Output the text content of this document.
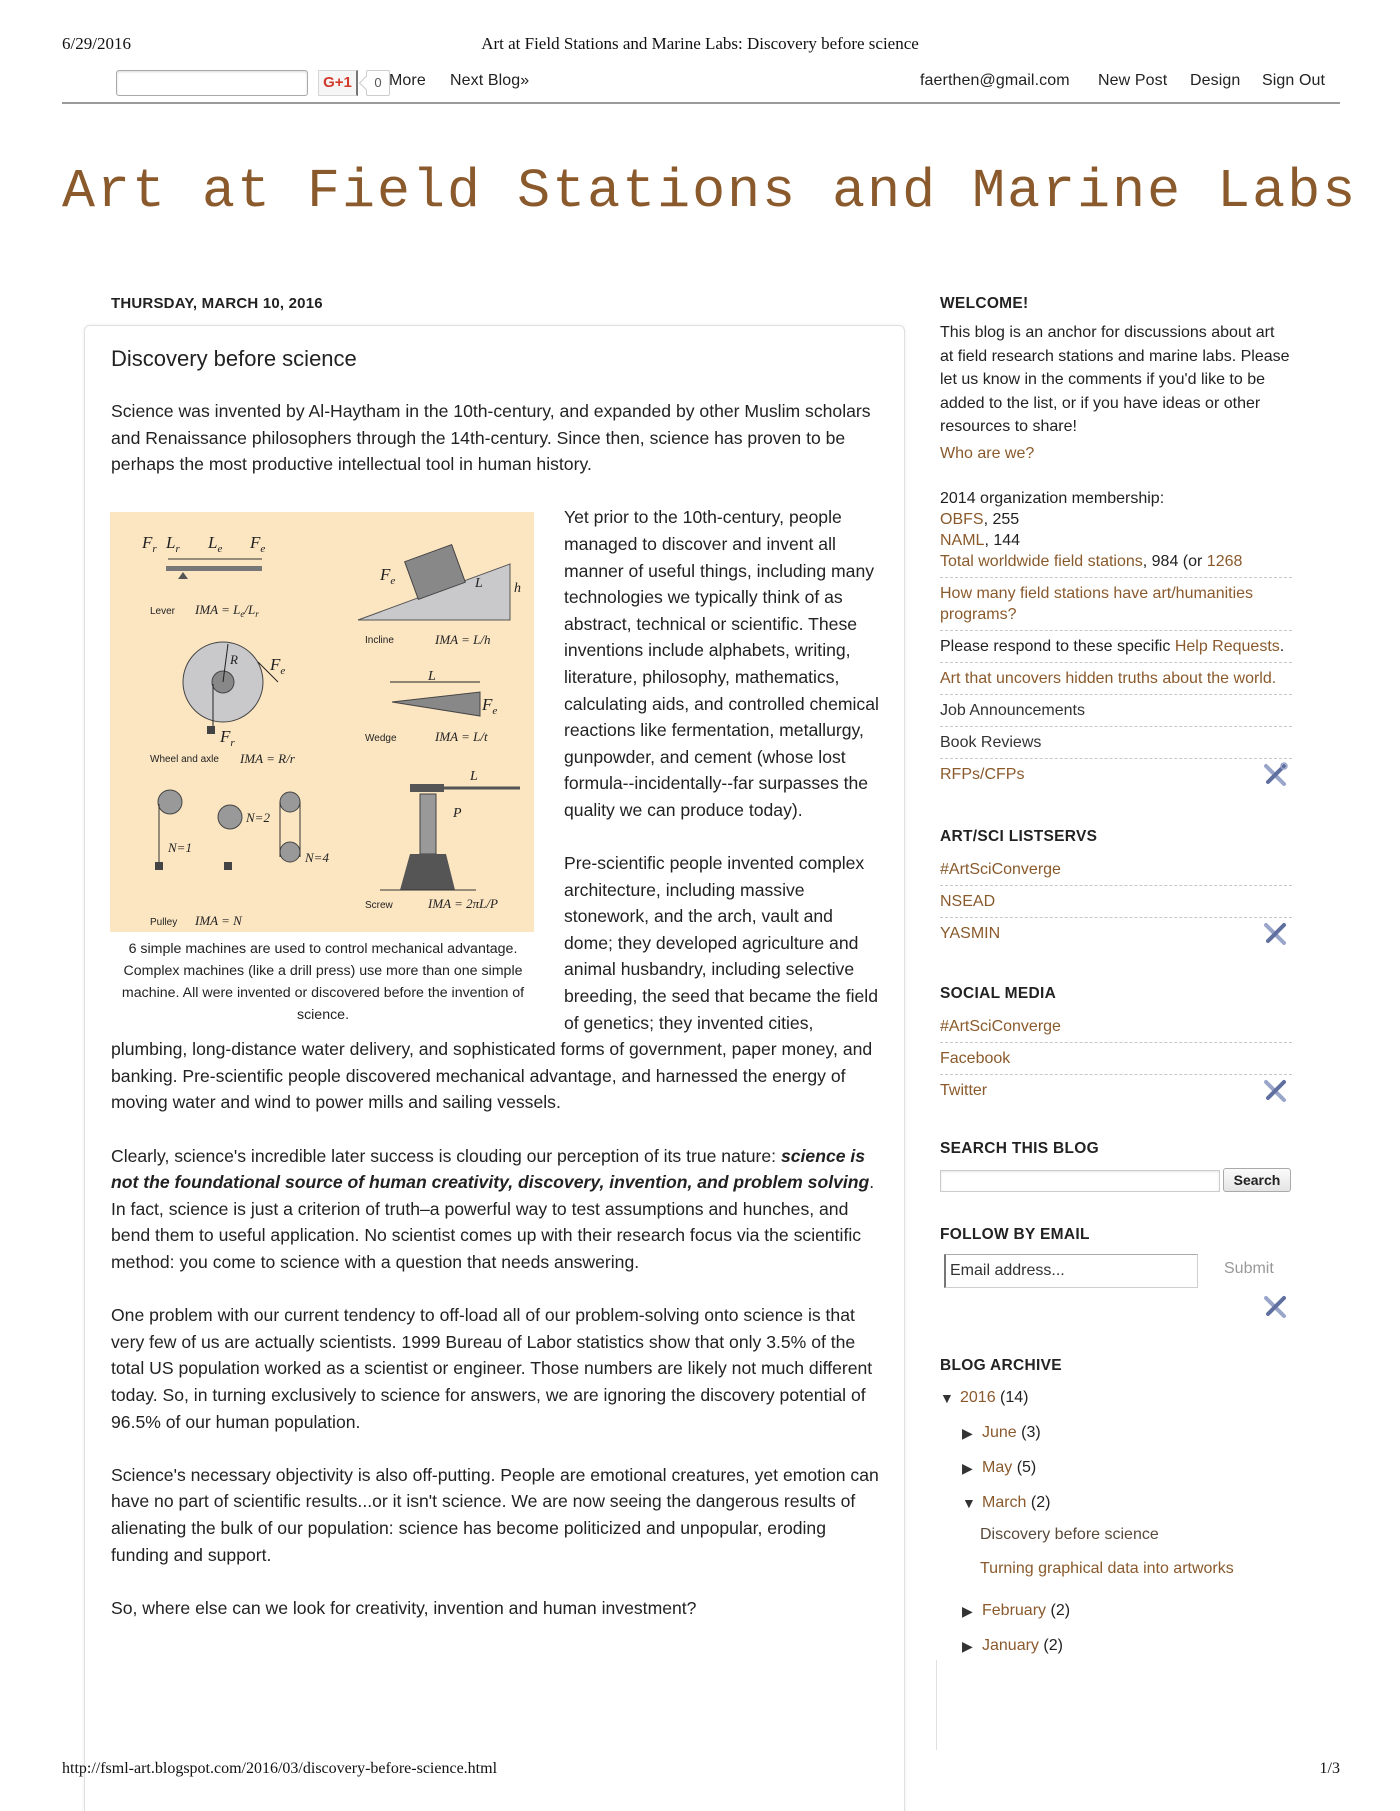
6/29/2016	Art at Field Stations and Marine Labs: Discovery before science
G+1	0 More Next Blog»	faerthen@gmail.com New Post Design Sign Out
Art at Field Stations and Marine Labs
THURSDAY, MARCH 10, 2016
Discovery before science

Science was invented by Al-Haytham in the 10th-century, and expanded by other Muslim scholars and Renaissance philosophers through the 14th-century. Since then, science has proven to be perhaps the most productive intellectual tool in human history.

$F_r$ $L_r$ $L_e$ $F_e$
Lever IMA = $L_e/L_r$
$F_e$	L h
Incline	IMA = L/h
R
$F_r$
$F_e$
Wheel and axle IMA = R/r
L
$F_e$
Wedge	IMA = L/t
N=1
N=2
N=4
Pulley IMA = N
L
P
Screw	IMA = 2πL/P
6 simple machines are used to control mechanical advantage. Complex machines (like a drill press) use more than one simple machine. All were invented or discovered before the invention of science.

Yet prior to the 10th-century, people managed to discover and invent all manner of useful things, including many technologies we typically think of as abstract, technical or scientific. These inventions include alphabets, writing, literature, philosophy, mathematics, calculating aids, and controlled chemical reactions like fermentation, metallurgy, gunpowder, and cement (whose lost formula--incidentally--far surpasses the quality we can produce today).

Pre-scientific people invented complex architecture, including massive stonework, and the arch, vault and dome; they developed agriculture and animal husbandry, including selective breeding, the seed that became the field of genetics; they invented cities, plumbing, long-distance water delivery, and sophisticated forms of government, paper money, and banking. Pre-scientific people discovered mechanical advantage, and harnessed the energy of moving water and wind to power mills and sailing vessels.

Clearly, science's incredible later success is clouding our perception of its true nature: science is not the foundational source of human creativity, discovery, invention, and problem solving. In fact, science is just a criterion of truth–a powerful way to test assumptions and hunches, and bend them to useful application. No scientist comes up with their research focus via the scientific method: you come to science with a question that needs answering.

One problem with our current tendency to off-load all of our problem-solving onto science is that very few of us are actually scientists. 1999 Bureau of Labor statistics show that only 3.5% of the total US population worked as a scientist or engineer. Those numbers are likely not much different today. So, in turning exclusively to science for answers, we are ignoring the discovery potential of 96.5% of our human population.

Science's necessary objectivity is also off-putting. People are emotional creatures, yet emotion can have no part of scientific results...or it isn't science. We are now seeing the dangerous results of alienating the bulk of our population: science has become politicized and unpopular, eroding funding and support.

So, where else can we look for creativity, invention and human investment?

WELCOME!
This blog is an anchor for discussions about art at field research stations and marine labs. Please let us know in the comments if you'd like to be added to the list, or if you have ideas or other resources to share!
Who are we?
2014 organization membership:
OBFS, 255
NAML, 144
Total worldwide field stations, 984 (or 1268
How many field stations have art/humanities programs?
Please respond to these specific Help Requests.
Art that uncovers hidden truths about the world.
Job Announcements
Book Reviews
RFPs/CFPs
ART/SCI LISTSERVS
#ArtSciConverge
NSEAD
YASMIN
SOCIAL MEDIA
#ArtSciConverge
Facebook
Twitter
SEARCH THIS BLOG
Search
FOLLOW BY EMAIL
Email address...
Submit
BLOG ARCHIVE
▼ 2016
(14)
▶ June
(3)
▶ May
(5)
▼ March
(2)
Discovery before science
Turning graphical data into artworks
▶ February
(2)
▶ January
(2)
http://fsml-art.blogspot.com/2016/03/discovery-before-science.html	1/3
